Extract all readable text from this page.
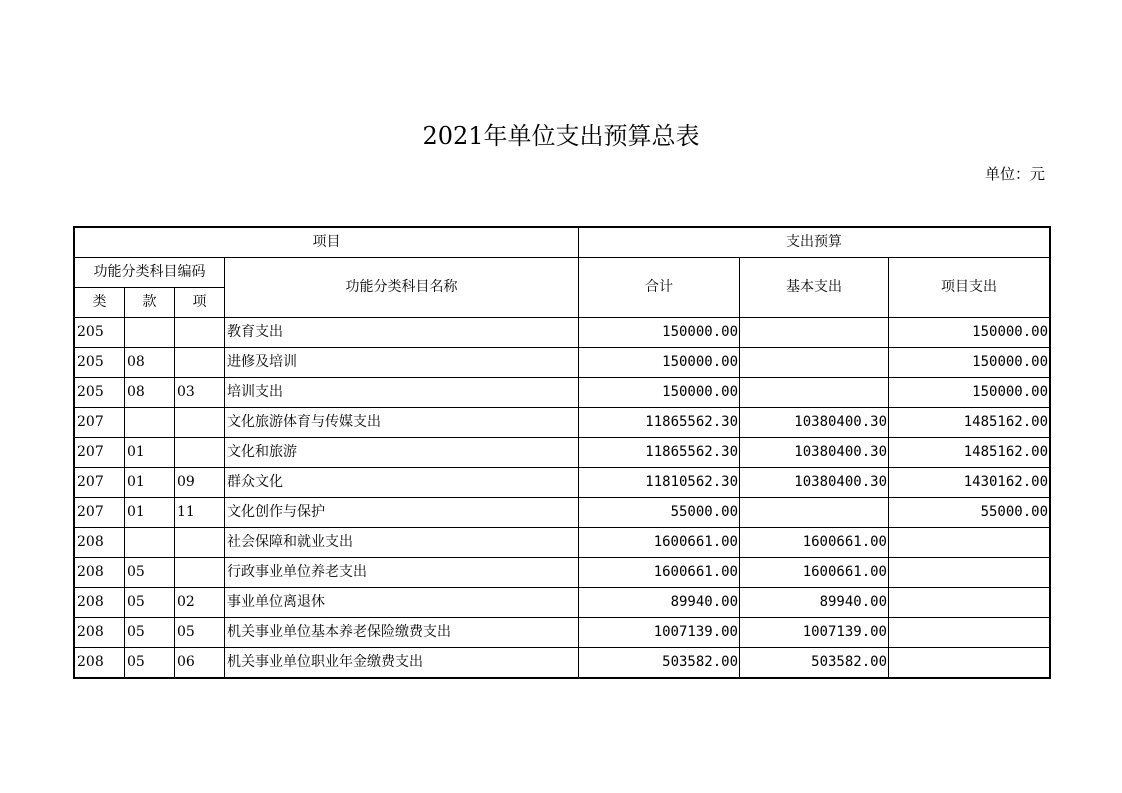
2021年单位支出预算总表
单位：元
项目				支出预算		
功能分类科目编码			功能分类科目名称	合计	基本支出	项目支出
类	款	项				
205			教育支出	150000.00		150000.00
205	08		进修及培训	150000.00		150000.00
205	08	03	培训支出	150000.00		150000.00
207			文化旅游体育与传媒支出	11865562.30	10380400.30	1485162.00
207	01		文化和旅游	11865562.30	10380400.30	1485162.00
207	01	09	群众文化	11810562.30	10380400.30	1430162.00
207	01	11	文化创作与保护	55000.00		55000.00
208			社会保障和就业支出	1600661.00	1600661.00	
208	05		行政事业单位养老支出	1600661.00	1600661.00	
208	05	02	事业单位离退休	89940.00	89940.00	
208	05	05	机关事业单位基本养老保险缴费支出	1007139.00	1007139.00	
208	05	06	机关事业单位职业年金缴费支出	503582.00	503582.00	
